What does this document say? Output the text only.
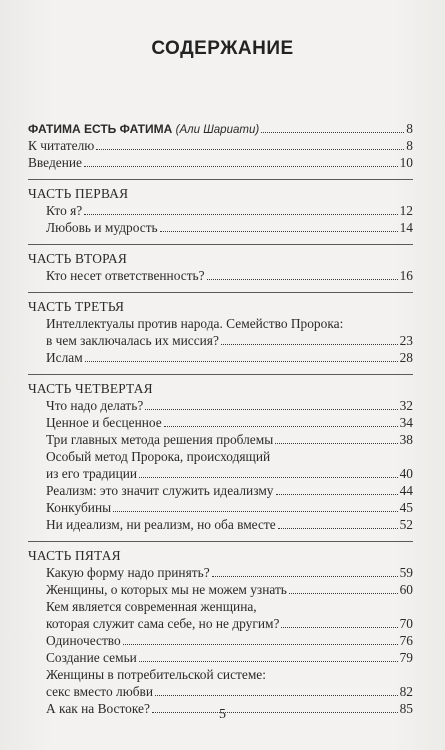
СОДЕРЖАНИЕ
ФАТИМА ЕСТЬ ФАТИМА (Али Шариати)	8
К читателю	8
Введение	10
ЧАСТЬ ПЕРВАЯ
Кто я?	12
Любовь и мудрость	14
ЧАСТЬ ВТОРАЯ
Кто несет ответственность?	16
ЧАСТЬ ТРЕТЬЯ
Интеллектуалы против народа. Семейство Пророка:
в чем заключалась их миссия?	23
Ислам	28
ЧАСТЬ ЧЕТВЕРТАЯ
Что надо делать?	32
Ценное и бесценное	34
Три главных метода решения проблемы	38
Особый метод Пророка, происходящий
из его традиции	40
Реализм: это значит служить идеализму	44
Конкубины	45
Ни идеализм, ни реализм, но оба вместе	52
ЧАСТЬ ПЯТАЯ
Какую форму надо принять?	59
Женщины, о которых мы не можем узнать	60
Кем является современная женщина,
которая служит сама себе, но не другим?	70
Одиночество	76
Создание семьи	79
Женщины в потребительской системе:
секс вместо любви	82
А как на Востоке?	85
5
